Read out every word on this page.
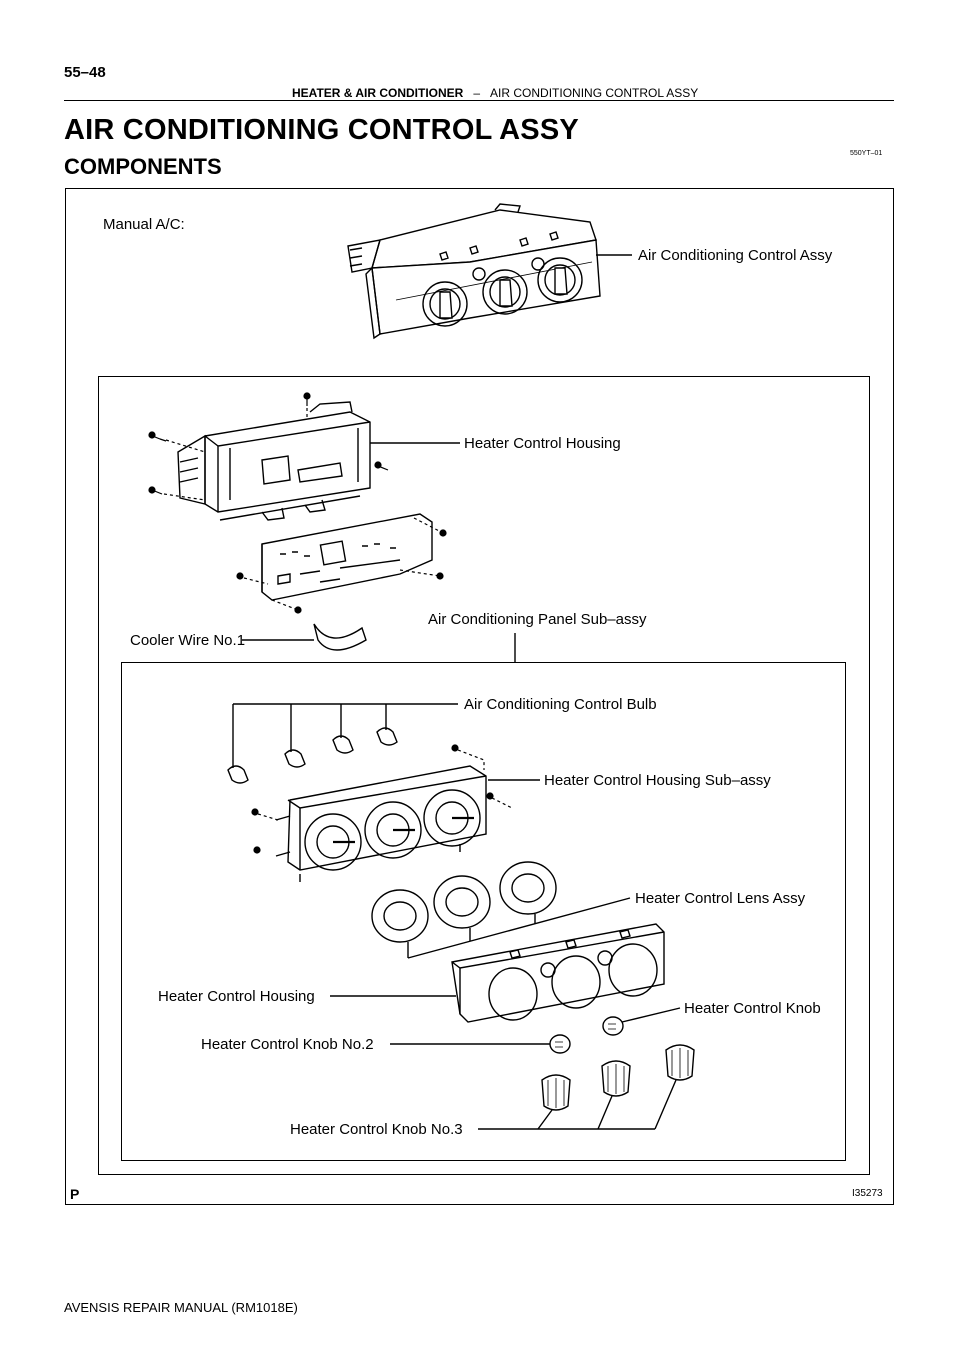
55–48
HEATER & AIR CONDITIONER – AIR CONDITIONING CONTROL ASSY
AIR CONDITIONING CONTROL ASSY
COMPONENTS
550YT–01
Manual A/C:
Air Conditioning Control Assy
Heater Control Housing
Air Conditioning Panel Sub–assy
Cooler Wire No.1
Air Conditioning Control Bulb
Heater Control Housing Sub–assy
Heater Control Lens Assy
Heater Control Housing
Heater Control Knob
Heater Control Knob No.2
Heater Control Knob No.3
P	I35273
AVENSIS REPAIR MANUAL (RM1018E)
